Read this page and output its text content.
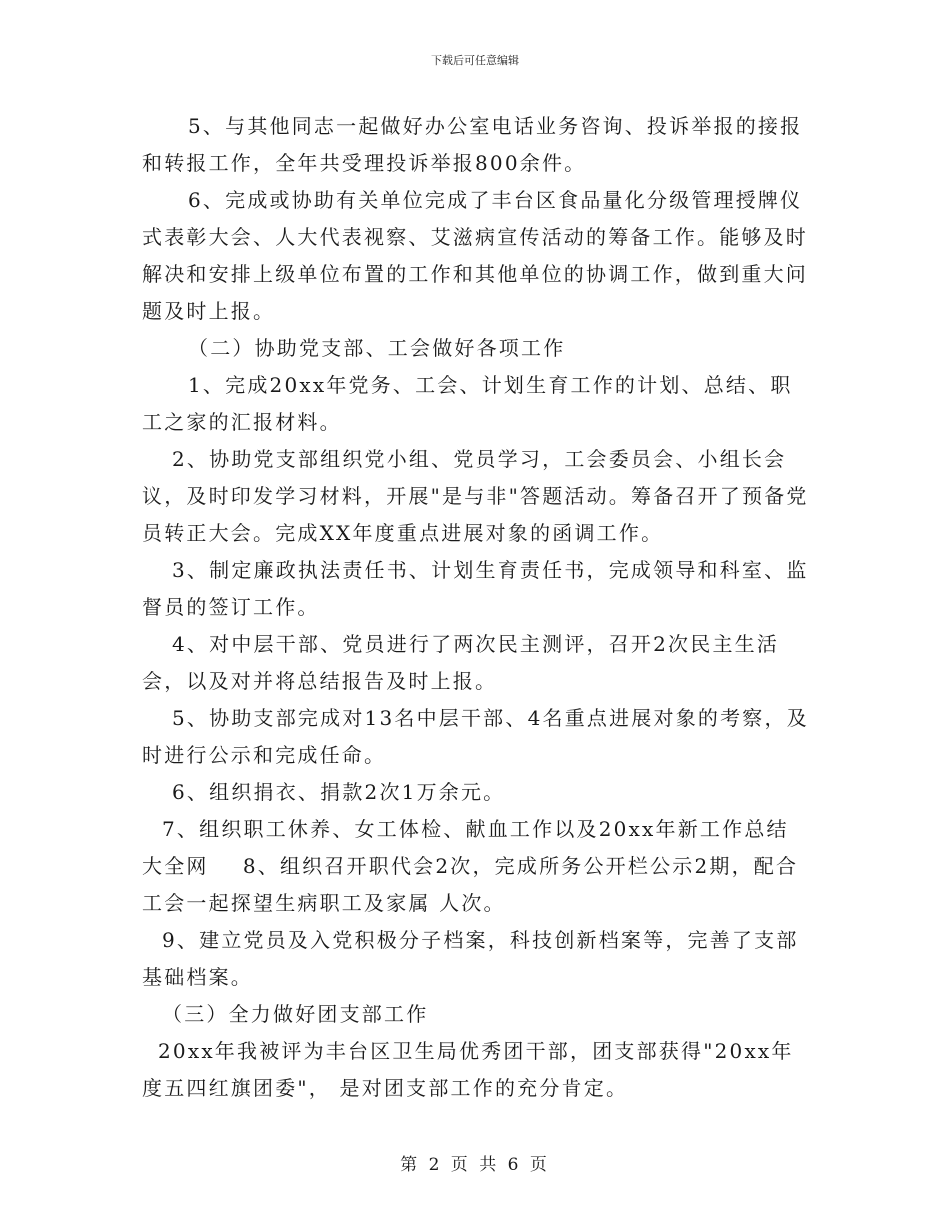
下载后可任意编辑

5、与其他同志一起做好办公室电话业务咨询、投诉举报的接报和转报工作，全年共受理投诉举报800余件。

6、完成或协助有关单位完成了丰台区食品量化分级管理授牌仪式表彰大会、人大代表视察、艾滋病宣传活动的筹备工作。能够及时解决和安排上级单位布置的工作和其他单位的协调工作，做到重大问题及时上报。

（二）协助党支部、工会做好各项工作

1、完成20xx年党务、工会、计划生育工作的计划、总结、职工之家的汇报材料。

2、协助党支部组织党小组、党员学习，工会委员会、小组长会议，及时印发学习材料，开展"是与非"答题活动。筹备召开了预备党员转正大会。完成XX年度重点进展对象的函调工作。

3、制定廉政执法责任书、计划生育责任书，完成领导和科室、监督员的签订工作。

4、对中层干部、党员进行了两次民主测评，召开2次民主生活会，以及对并将总结报告及时上报。

5、协助支部完成对13名中层干部、4名重点进展对象的考察，及时进行公示和完成任命。

6、组织捐衣、捐款2次1万余元。

7、组织职工休养、女工体检、献血工作以及20xx年新工作总结大全网    8、组织召开职代会2次，完成所务公开栏公示2期，配合工会一起探望生病职工及家属 人次。

9、建立党员及入党积极分子档案，科技创新档案等，完善了支部基础档案。

（三）全力做好团支部工作

20xx年我被评为丰台区卫生局优秀团干部，团支部获得"20xx年度五四红旗团委"， 是对团支部工作的充分肯定。

第 2 页 共 6 页
